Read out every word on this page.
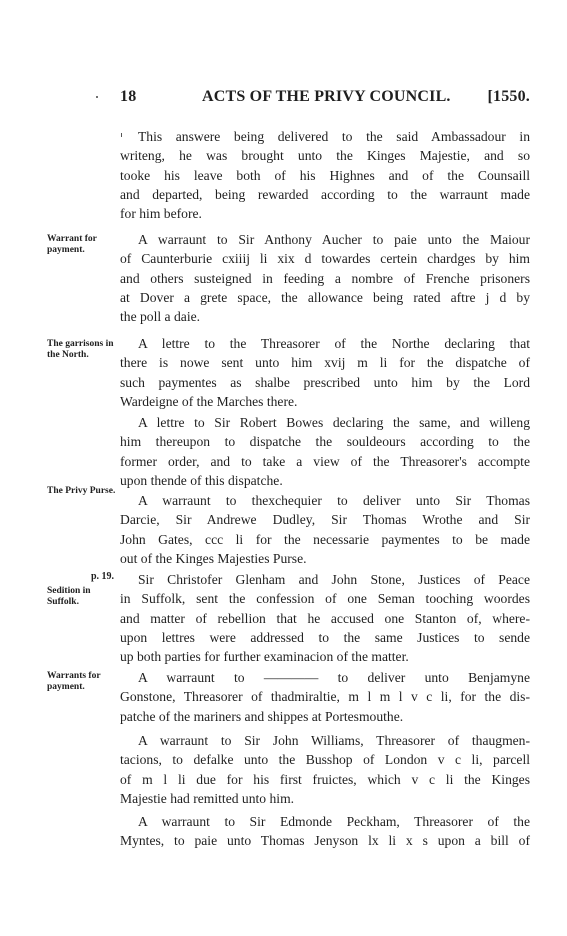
18	ACTS OF THE PRIVY COUNCIL. [1550.
Warrant for payment.
The garrisons in the North.
The Privy Purse.
p. 19.
Sedition in Suffolk.
Warrants for payment.
This answere being delivered to the said Ambassadour in
writeng, he was brought unto the Kinges Majestie, and so
tooke his leave both of his Highnes and of the Counsaill
and departed, being rewarded according to the warraunt made
for him before.
A warraunt to Sir Anthony Aucher to paie unto the Maiour
of Caunterburie cxiiij li xix d towardes certein chardges by him
and others susteigned in feeding a nombre of Frenche prisoners
at Dover a grete space, the allowance being rated aftre j d by
the poll a daie.
A lettre to the Threasorer of the Northe declaring that
there is nowe sent unto him xvij m li for the dispatche of
such paymentes as shalbe prescribed unto him by the Lord
Wardeigne of the Marches there.
A lettre to Sir Robert Bowes declaring the same, and willeng
him thereupon to dispatche the souldeours according to the
former order, and to take a view of the Threasorer's accompte
upon thende of this dispatche.
A warraunt to thexchequier to deliver unto Sir Thomas
Darcie, Sir Andrewe Dudley, Sir Thomas Wrothe and Sir
John Gates, ccc li for the necessarie paymentes to be made
out of the Kinges Majesties Purse.
Sir Christofer Glenham and John Stone, Justices of Peace
in Suffolk, sent the confession of one Seman tooching woordes
and matter of rebellion that he accused one Stanton of, where-
upon lettres were addressed to the same Justices to sende
up both parties for further examinacion of the matter.
A warraunt to ———— to deliver unto Benjamyne
Gonstone, Threasorer of thadmiraltie, m l m l v c li, for the dis-
patche of the mariners and shippes at Portesmouthe.
A warraunt to Sir John Williams, Threasorer of thaugmen-
tacions, to defalke unto the Busshop of London v c li, parcell
of m l li due for his first fruictes, which v c li the Kinges
Majestie had remitted unto him.
A warraunt to Sir Edmonde Peckham, Threasorer of the
Myntes, to paie unto Thomas Jenyson lx li x s upon a bill of
